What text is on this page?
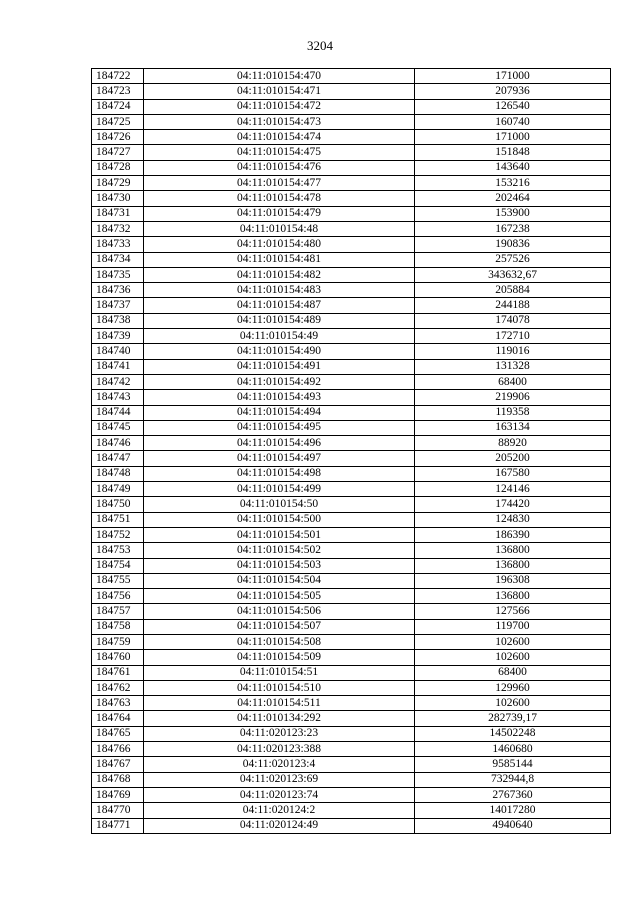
3204
184722	04:11:010154:470	171000
184723	04:11:010154:471	207936
184724	04:11:010154:472	126540
184725	04:11:010154:473	160740
184726	04:11:010154:474	171000
184727	04:11:010154:475	151848
184728	04:11:010154:476	143640
184729	04:11:010154:477	153216
184730	04:11:010154:478	202464
184731	04:11:010154:479	153900
184732	04:11:010154:48	167238
184733	04:11:010154:480	190836
184734	04:11:010154:481	257526
184735	04:11:010154:482	343632,67
184736	04:11:010154:483	205884
184737	04:11:010154:487	244188
184738	04:11:010154:489	174078
184739	04:11:010154:49	172710
184740	04:11:010154:490	119016
184741	04:11:010154:491	131328
184742	04:11:010154:492	68400
184743	04:11:010154:493	219906
184744	04:11:010154:494	119358
184745	04:11:010154:495	163134
184746	04:11:010154:496	88920
184747	04:11:010154:497	205200
184748	04:11:010154:498	167580
184749	04:11:010154:499	124146
184750	04:11:010154:50	174420
184751	04:11:010154:500	124830
184752	04:11:010154:501	186390
184753	04:11:010154:502	136800
184754	04:11:010154:503	136800
184755	04:11:010154:504	196308
184756	04:11:010154:505	136800
184757	04:11:010154:506	127566
184758	04:11:010154:507	119700
184759	04:11:010154:508	102600
184760	04:11:010154:509	102600
184761	04:11:010154:51	68400
184762	04:11:010154:510	129960
184763	04:11:010154:511	102600
184764	04:11:010134:292	282739,17
184765	04:11:020123:23	14502248
184766	04:11:020123:388	1460680
184767	04:11:020123:4	9585144
184768	04:11:020123:69	732944,8
184769	04:11:020123:74	2767360
184770	04:11:020124:2	14017280
184771	04:11:020124:49	4940640
